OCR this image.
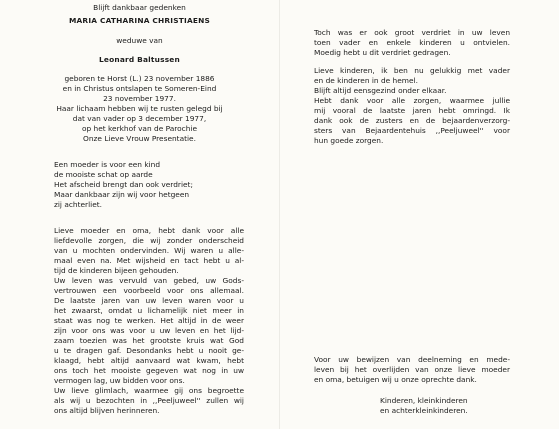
Blijft dankbaar gedenken
MARIA CATHARINA CHRISTIAENS
weduwe van
Leonard Baltussen
geboren te Horst (L.) 23 november 1886
en in Christus ontslapen te Someren-Eind
23 november 1977.
Haar lichaam hebben wij te rusten gelegd bij
dat van vader op 3 december 1977,
op het kerkhof van de Parochie
Onze Lieve Vrouw Presentatie.
Een moeder is voor een kind
de mooiste schat op aarde
Het afscheid brengt dan ook verdriet;
Maar dankbaar zijn wij voor hetgeen
zij achterliet.
Lieve moeder en oma, hebt dank voor alle
liefdevolle zorgen, die wij zonder onderscheid
van u mochten ondervinden. Wij waren u alle-
maal even na. Met wijsheid en tact hebt u al-
tijd de kinderen bijeen gehouden.
Uw leven was vervuld van gebed, uw Gods-
vertrouwen een voorbeeld voor ons allemaal.
De laatste jaren van uw leven waren voor u
het zwaarst, omdat u lichamelijk niet meer in
staat was nog te werken. Het altijd in de weer
zijn voor ons was voor u uw leven en het lijd-
zaam toezien was het grootste kruis wat God
u te dragen gaf. Desondanks hebt u nooit ge-
klaagd, hebt altijd aanvaard wat kwam, hebt
ons toch het mooiste gegeven wat nog in uw
vermogen lag, uw bidden voor ons.
Uw lieve glimlach, waarmee gij ons begroette
als wij u bezochten in ,,Peeljuweel'' zullen wij
ons altijd blijven herinneren.
Toch was er ook groot verdriet in uw leven
toen vader en enkele kinderen u ontvielen.
Moedig hebt u dit verdriet gedragen.
Lieve kinderen, ik ben nu gelukkig met vader
en de kinderen in de hemel.
Blijft altijd eensgezind onder elkaar.
Hebt dank voor alle zorgen, waarmee jullie
mij vooral de laatste jaren hebt omringd. Ik
dank ook de zusters en de bejaardenverzorg-
sters van Bejaardentehuis ,,Peeljuweel'' voor
hun goede zorgen.
Voor uw bewijzen van deelneming en mede-
leven bij het overlijden van onze lieve moeder
en oma, betuigen wij u onze oprechte dank.
Kinderen, kleinkinderen
en achterkleinkinderen.
